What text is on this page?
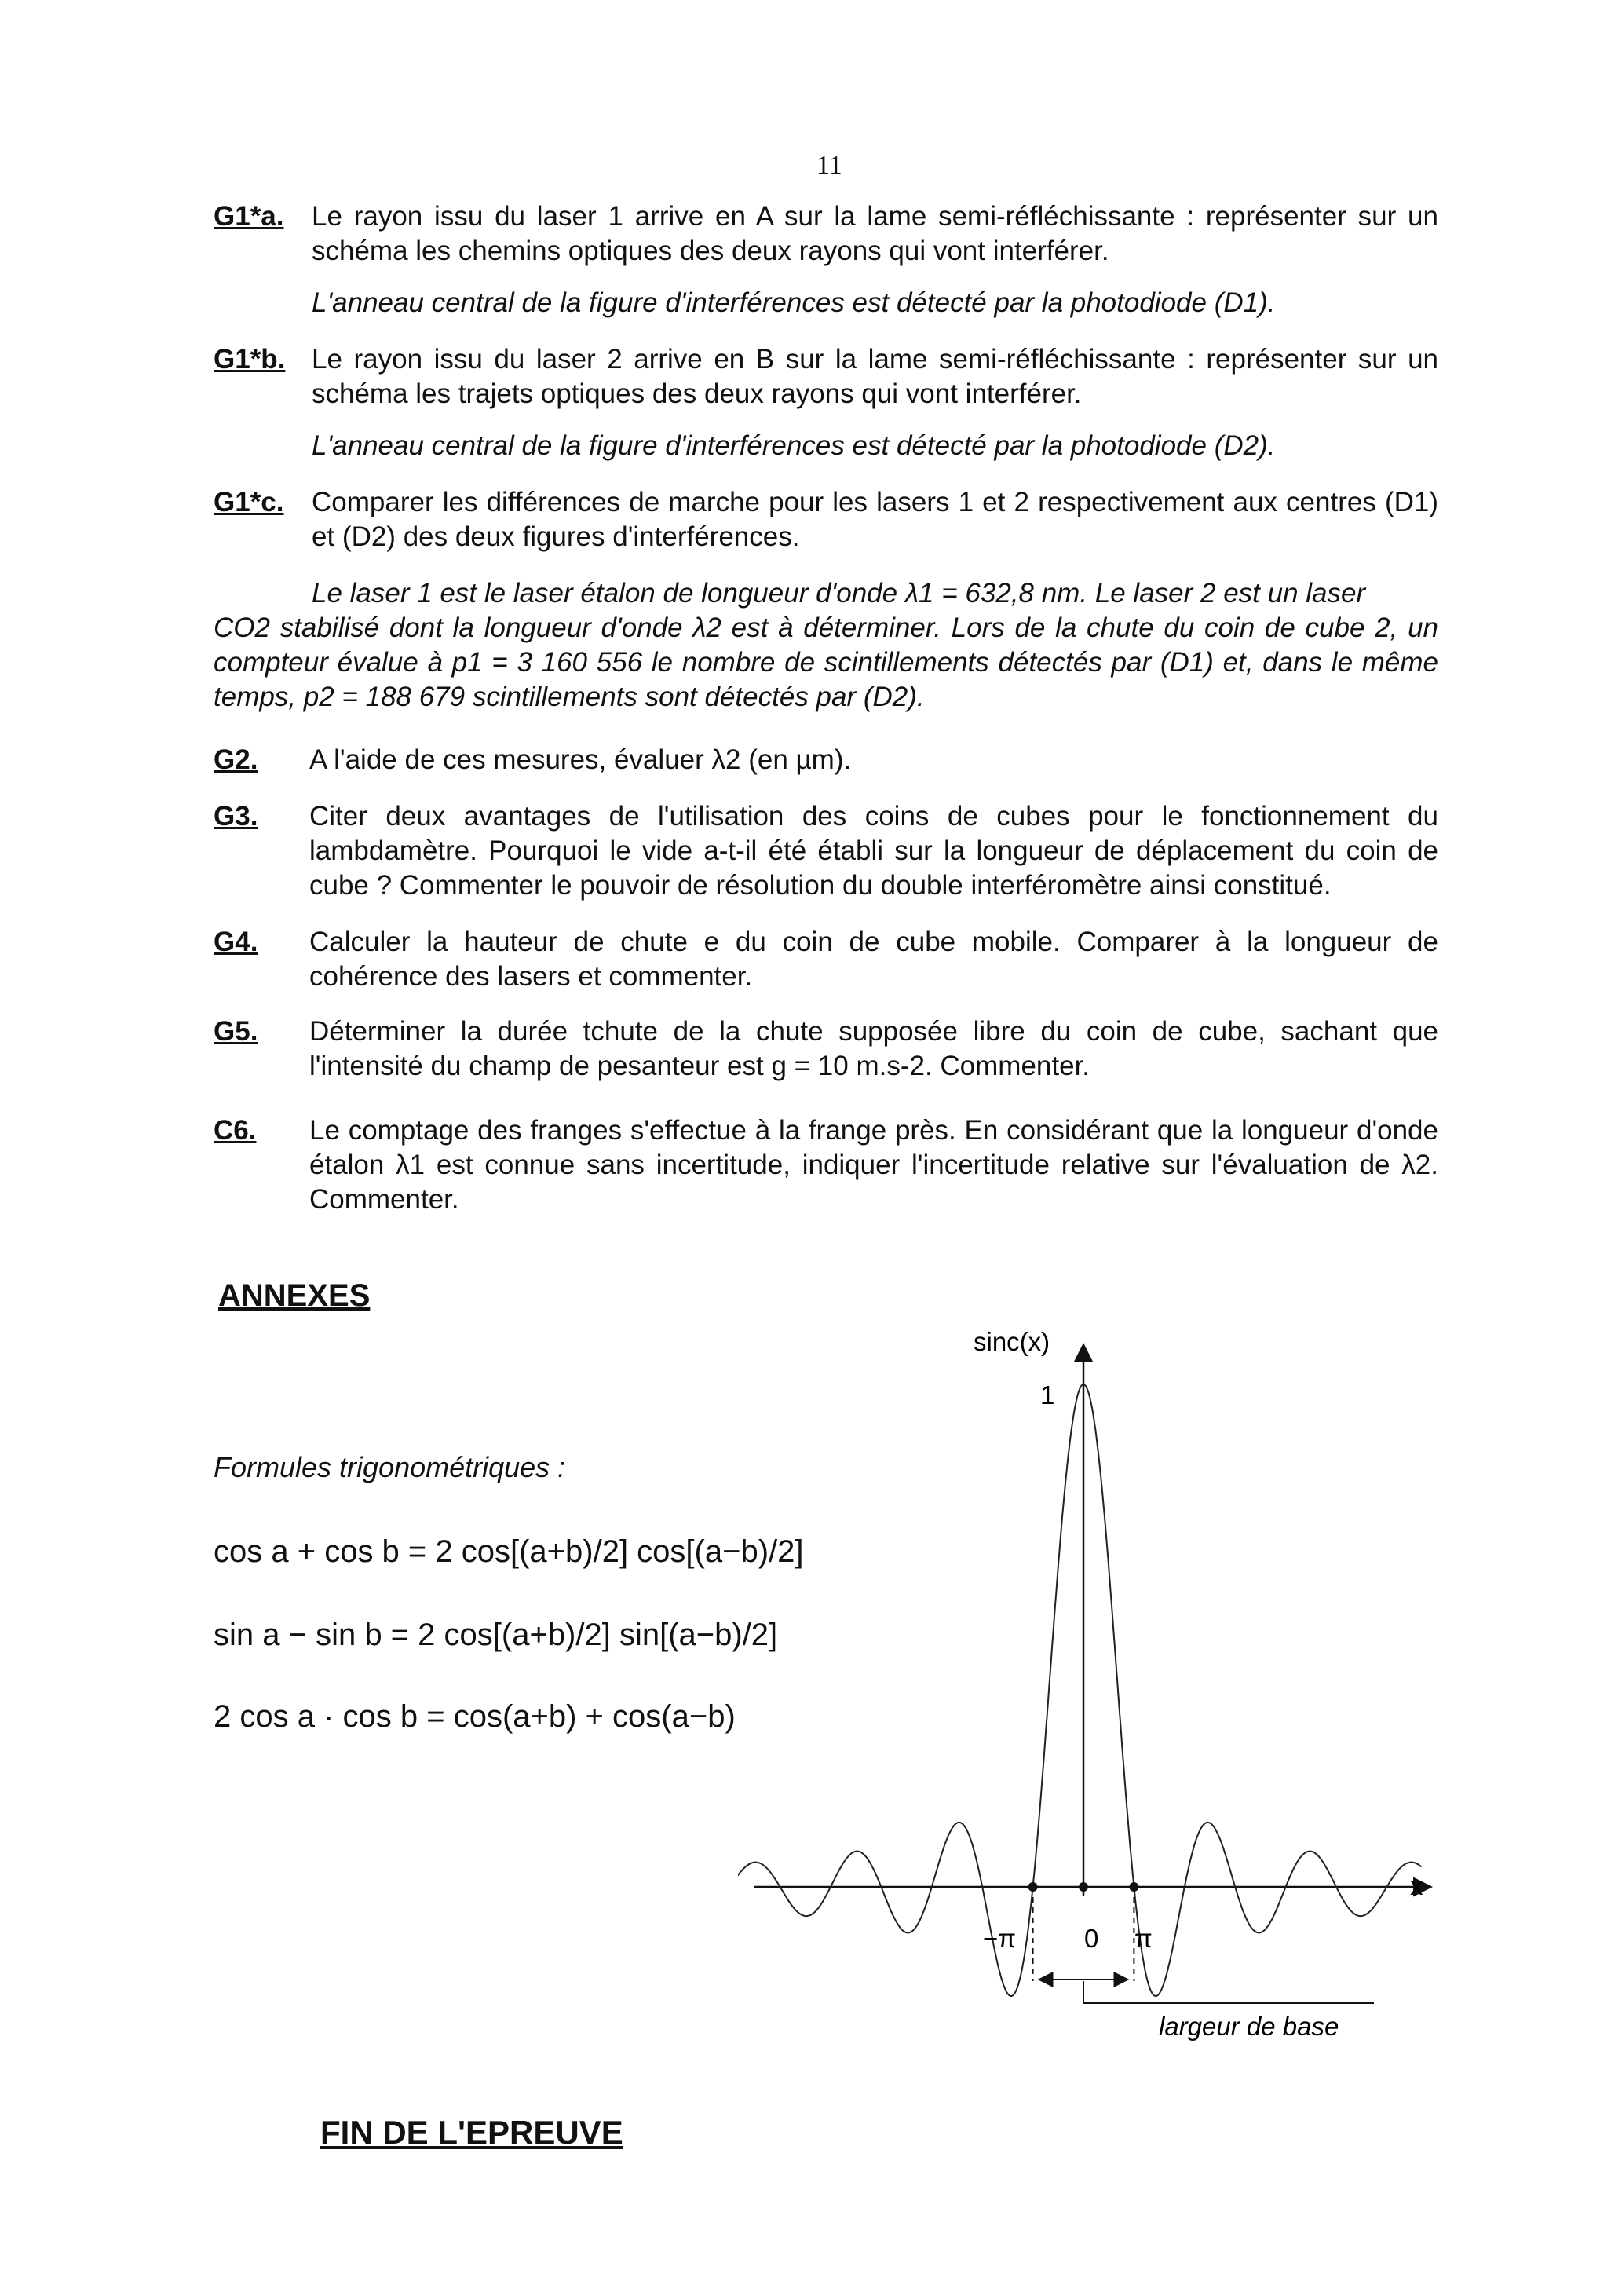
11
G1*a. Le rayon issu du laser 1 arrive en A sur la lame semi-réfléchissante : représenter sur un schéma les chemins optiques des deux rayons qui vont interférer.
L'anneau central de la figure d'interférences est détecté par la photodiode (D1).
G1*b. Le rayon issu du laser 2 arrive en B sur la lame semi-réfléchissante : représenter sur un schéma les trajets optiques des deux rayons qui vont interférer.
L'anneau central de la figure d'interférences est détecté par la photodiode (D2).
G1*c. Comparer les différences de marche pour les lasers 1 et 2 respectivement aux centres (D1) et (D2) des deux figures d'interférences.
Le laser 1 est le laser étalon de longueur d'onde λ1 = 632,8 nm. Le laser 2 est un laser
CO2 stabilisé dont la longueur d'onde λ2 est à déterminer. Lors de la chute du coin de cube 2, un compteur évalue à p1 = 3 160 556 le nombre de scintillements détectés par (D1) et, dans le même temps, p2 = 188 679 scintillements sont détectés par (D2).
G2. A l'aide de ces mesures, évaluer λ2 (en µm).
G3. Citer deux avantages de l'utilisation des coins de cubes pour le fonctionnement du lambdamètre. Pourquoi le vide a-t-il été établi sur la longueur de déplacement du coin de cube ? Commenter le pouvoir de résolution du double interféromètre ainsi constitué.
G4. Calculer la hauteur de chute e du coin de cube mobile. Comparer à la longueur de cohérence des lasers et commenter.
G5. Déterminer la durée tchute de la chute supposée libre du coin de cube, sachant que l'intensité du champ de pesanteur est g = 10 m.s-2. Commenter.
C6. Le comptage des franges s'effectue à la frange près. En considérant que la longueur d'onde étalon λ1 est connue sans incertitude, indiquer l'incertitude relative sur l'évaluation de λ2. Commenter.
ANNEXES
Formules trigonométriques :
cos a + cos b = 2 cos[(a+b)/2] cos[(a−b)/2]
sin a − sin b = 2 cos[(a+b)/2] sin[(a−b)/2]
2 cos a · cos b = cos(a+b) + cos(a−b)
sinc(x)
x
1
−π	0 π
largeur de base
FIN DE L'EPREUVE
